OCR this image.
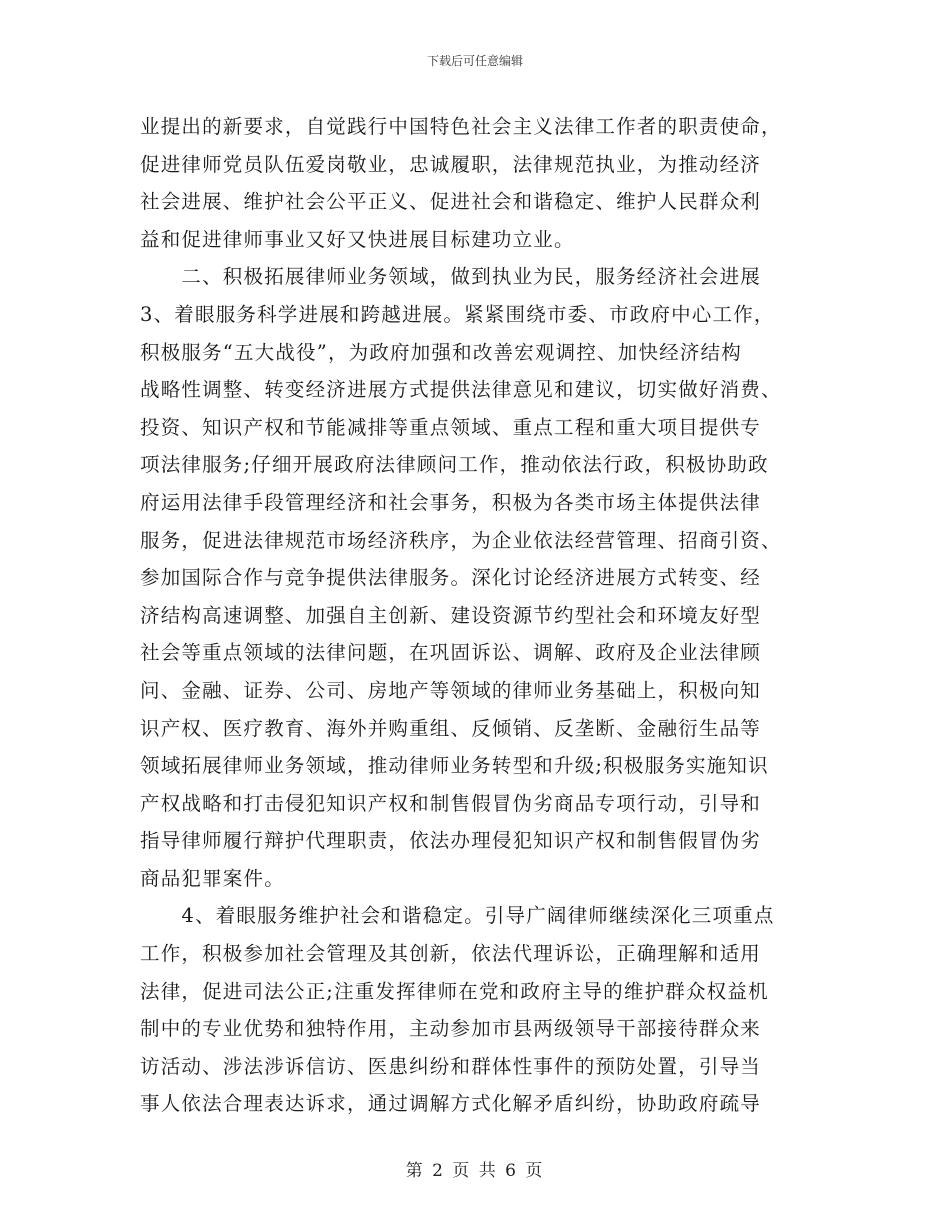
下载后可任意编辑
业提出的新要求，自觉践行中国特色社会主义法律工作者的职责使命，
促进律师党员队伍爱岗敬业，忠诚履职，法律规范执业，为推动经济
社会进展、维护社会公平正义、促进社会和谐稳定、维护人民群众利
益和促进律师事业又好又快进展目标建功立业。
　　二、积极拓展律师业务领域，做到执业为民，服务经济社会进展
3、着眼服务科学进展和跨越进展。紧紧围绕市委、市政府中心工作，
积极服务“五大战役”，为政府加强和改善宏观调控、加快经济结构
战略性调整、转变经济进展方式提供法律意见和建议，切实做好消费、
投资、知识产权和节能减排等重点领域、重点工程和重大项目提供专
项法律服务;仔细开展政府法律顾问工作，推动依法行政，积极协助政
府运用法律手段管理经济和社会事务，积极为各类市场主体提供法律
服务，促进法律规范市场经济秩序，为企业依法经营管理、招商引资、
参加国际合作与竞争提供法律服务。深化讨论经济进展方式转变、经
济结构高速调整、加强自主创新、建设资源节约型社会和环境友好型
社会等重点领域的法律问题，在巩固诉讼、调解、政府及企业法律顾
问、金融、证券、公司、房地产等领域的律师业务基础上，积极向知
识产权、医疗教育、海外并购重组、反倾销、反垄断、金融衍生品等
领域拓展律师业务领域，推动律师业务转型和升级;积极服务实施知识
产权战略和打击侵犯知识产权和制售假冒伪劣商品专项行动，引导和
指导律师履行辩护代理职责，依法办理侵犯知识产权和制售假冒伪劣
商品犯罪案件。
　　4、着眼服务维护社会和谐稳定。引导广阔律师继续深化三项重点
工作，积极参加社会管理及其创新，依法代理诉讼，正确理解和适用
法律，促进司法公正;注重发挥律师在党和政府主导的维护群众权益机
制中的专业优势和独特作用，主动参加市县两级领导干部接待群众来
访活动、涉法涉诉信访、医患纠纷和群体性事件的预防处置，引导当
事人依法合理表达诉求，通过调解方式化解矛盾纠纷，协助政府疏导
第 2 页 共 6 页
